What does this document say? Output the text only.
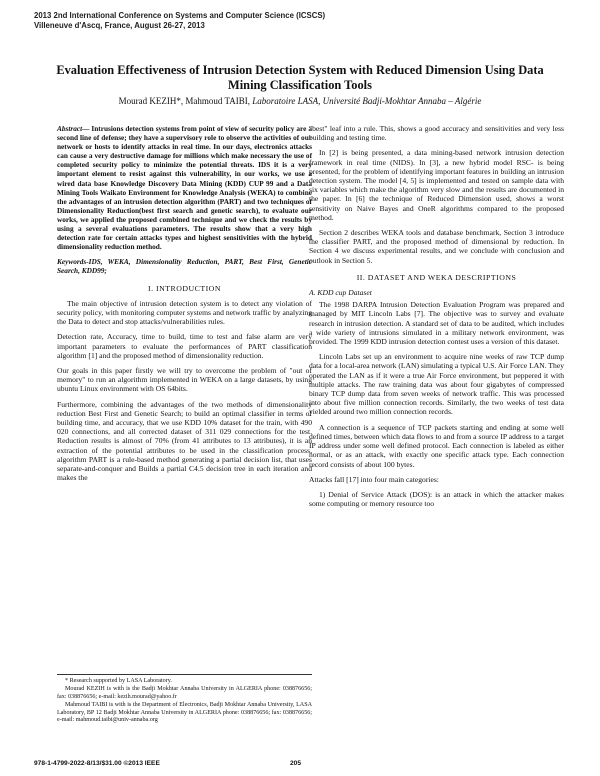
2013 2nd International Conference on Systems and Computer Science (ICSCS)
Villeneuve d'Ascq, France, August 26-27, 2013
Evaluation Effectiveness of Intrusion Detection System with Reduced Dimension Using Data Mining Classification Tools
Mourad KEZIH*, Mahmoud TAIBI, Laboratoire LASA, Université Badji-Mokhtar Annaba – Algérie
Abstract— Intrusions detection systems from point of view of security policy are a second line of defense; they have a supervisory role to observe the activities of our network or hosts to identify attacks in real time. In our days, electronics attacks can cause a very destructive damage for millions which make necessary the use of completed security policy to minimize the potential threats. IDS it is a very important element to resist against this vulnerability, in our works, we use a wired data base Knowledge Discovery Data Mining (KDD) CUP 99 and a Data Mining Tools Waikato Environment for Knowledge Analysis (WEKA) to combine the advantages of an intrusion detection algorithm (PART) and two techniques of Dimensionality Reduction(best first search and genetic search), to evaluate our works, we applied the proposed combined technique and we check the results by using a several evaluations parameters. The results show that a very high detection rate for certain attacks types and highest sensitivities with the hybrid dimensionality reduction method.
Keywords-IDS, WEKA, Dimensionality Reduction, PART, Best First, Genetic Search, KDD99;
I. INTRODUCTION

The main objective of intrusion detection system is to detect any violation of security policy, with monitoring computer systems and network traffic by analyzing the Data to detect and stop attacks/vulnerabilities rules.

Detection rate, Accuracy, time to build, time to test and false alarm are very important parameters to evaluate the performances of PART classification algorithm [1] and the proposed method of dimensionality reduction.

Our goals in this paper firstly we will try to overcome the problem of "out of memory" to run an algorithm implemented in WEKA on a large datasets, by using ubuntu Linux environment with OS 64bits.

Furthermore, combining the advantages of the two methods of dimensionality reduction Best First and Genetic Search; to build an optimal classifier in terms of building time, and accuracy, that we use KDD 10% dataset for the train, with 490 020 connections, and all corrected dataset of 311 029 connections for the test. Reduction results is almost of 70% (from 41 attributes to 13 attributes), it is an extraction of the potential attributes to be used in the classification process, algorithm PART is a rule-based method generating a partial decision list, that uses separate-and-conquer and Builds a partial C4.5 decision tree in each iteration and makes the

* Research supported by LASA Laboratory.

Mourad KEZIH is with is the Badji Mokhtar Annaba University in ALGERIA phone: 038876656; fax: 038876656; e-mail: kezih.mourad@yahoo.fr

Mahmoud TAIBI is with is the Department of Electronics, Badji Mokhtar Annaba University, LASA Laboratory, BP 12 Badji Mokhtar Annaba University in ALGERIA phone: 038876656; fax: 038876656; e-mail: mahmoud.taibi@univ-annaba.org

"best" leaf into a rule. This, shows a good accuracy and sensitivities and very less building and testing time.

In [2] is being presented, a data mining-based network intrusion detection framework in real time (NIDS). In [3], a new hybrid model RSC- is being presented, for the problem of identifying important features in building an intrusion detection system. The model [4, 5] is implemented and tested on sample data with six variables which make the algorithm very slow and the results are documented in the paper. In [6] the technique of Reduced Dimension used, shows a worst sensitivity on Naive Bayes and OneR algorithms compared to the proposed method.

Section 2 describes WEKA tools and database benchmark, Section 3 introduce the classifier PART, and the proposed method of dimensional by reduction. In Section 4 we discuss experimental results, and we conclude with conclusion and outlook in Section 5.

II. DATASET AND WEKA DESCRIPTIONS
A. KDD cup Dataset

The 1998 DARPA Intrusion Detection Evaluation Program was prepared and managed by MIT Lincoln Labs [7]. The objective was to survey and evaluate research in intrusion detection. A standard set of data to be audited, which includes a wide variety of intrusions simulated in a military network environment, was provided. The 1999 KDD intrusion detection contest uses a version of this dataset.

Lincoln Labs set up an environment to acquire nine weeks of raw TCP dump data for a local-area network (LAN) simulating a typical U.S. Air Force LAN. They operated the LAN as if it were a true Air Force environment, but peppered it with multiple attacks. The raw training data was about four gigabytes of compressed binary TCP dump data from seven weeks of network traffic. This was processed into about five million connection records. Similarly, the two weeks of test data yielded around two million connection records.

A connection is a sequence of TCP packets starting and ending at some well defined times, between which data flows to and from a source IP address to a target IP address under some well defined protocol. Each connection is labeled as either normal, or as an attack, with exactly one specific attack type. Each connection record consists of about 100 bytes.

Attacks fall [17] into four main categories:

1) Denial of Service Attack (DOS): is an attack in which the attacker makes some computing or memory resource too

978-1-4799-2022-8/13/$31.00 ©2013 IEEE	205
